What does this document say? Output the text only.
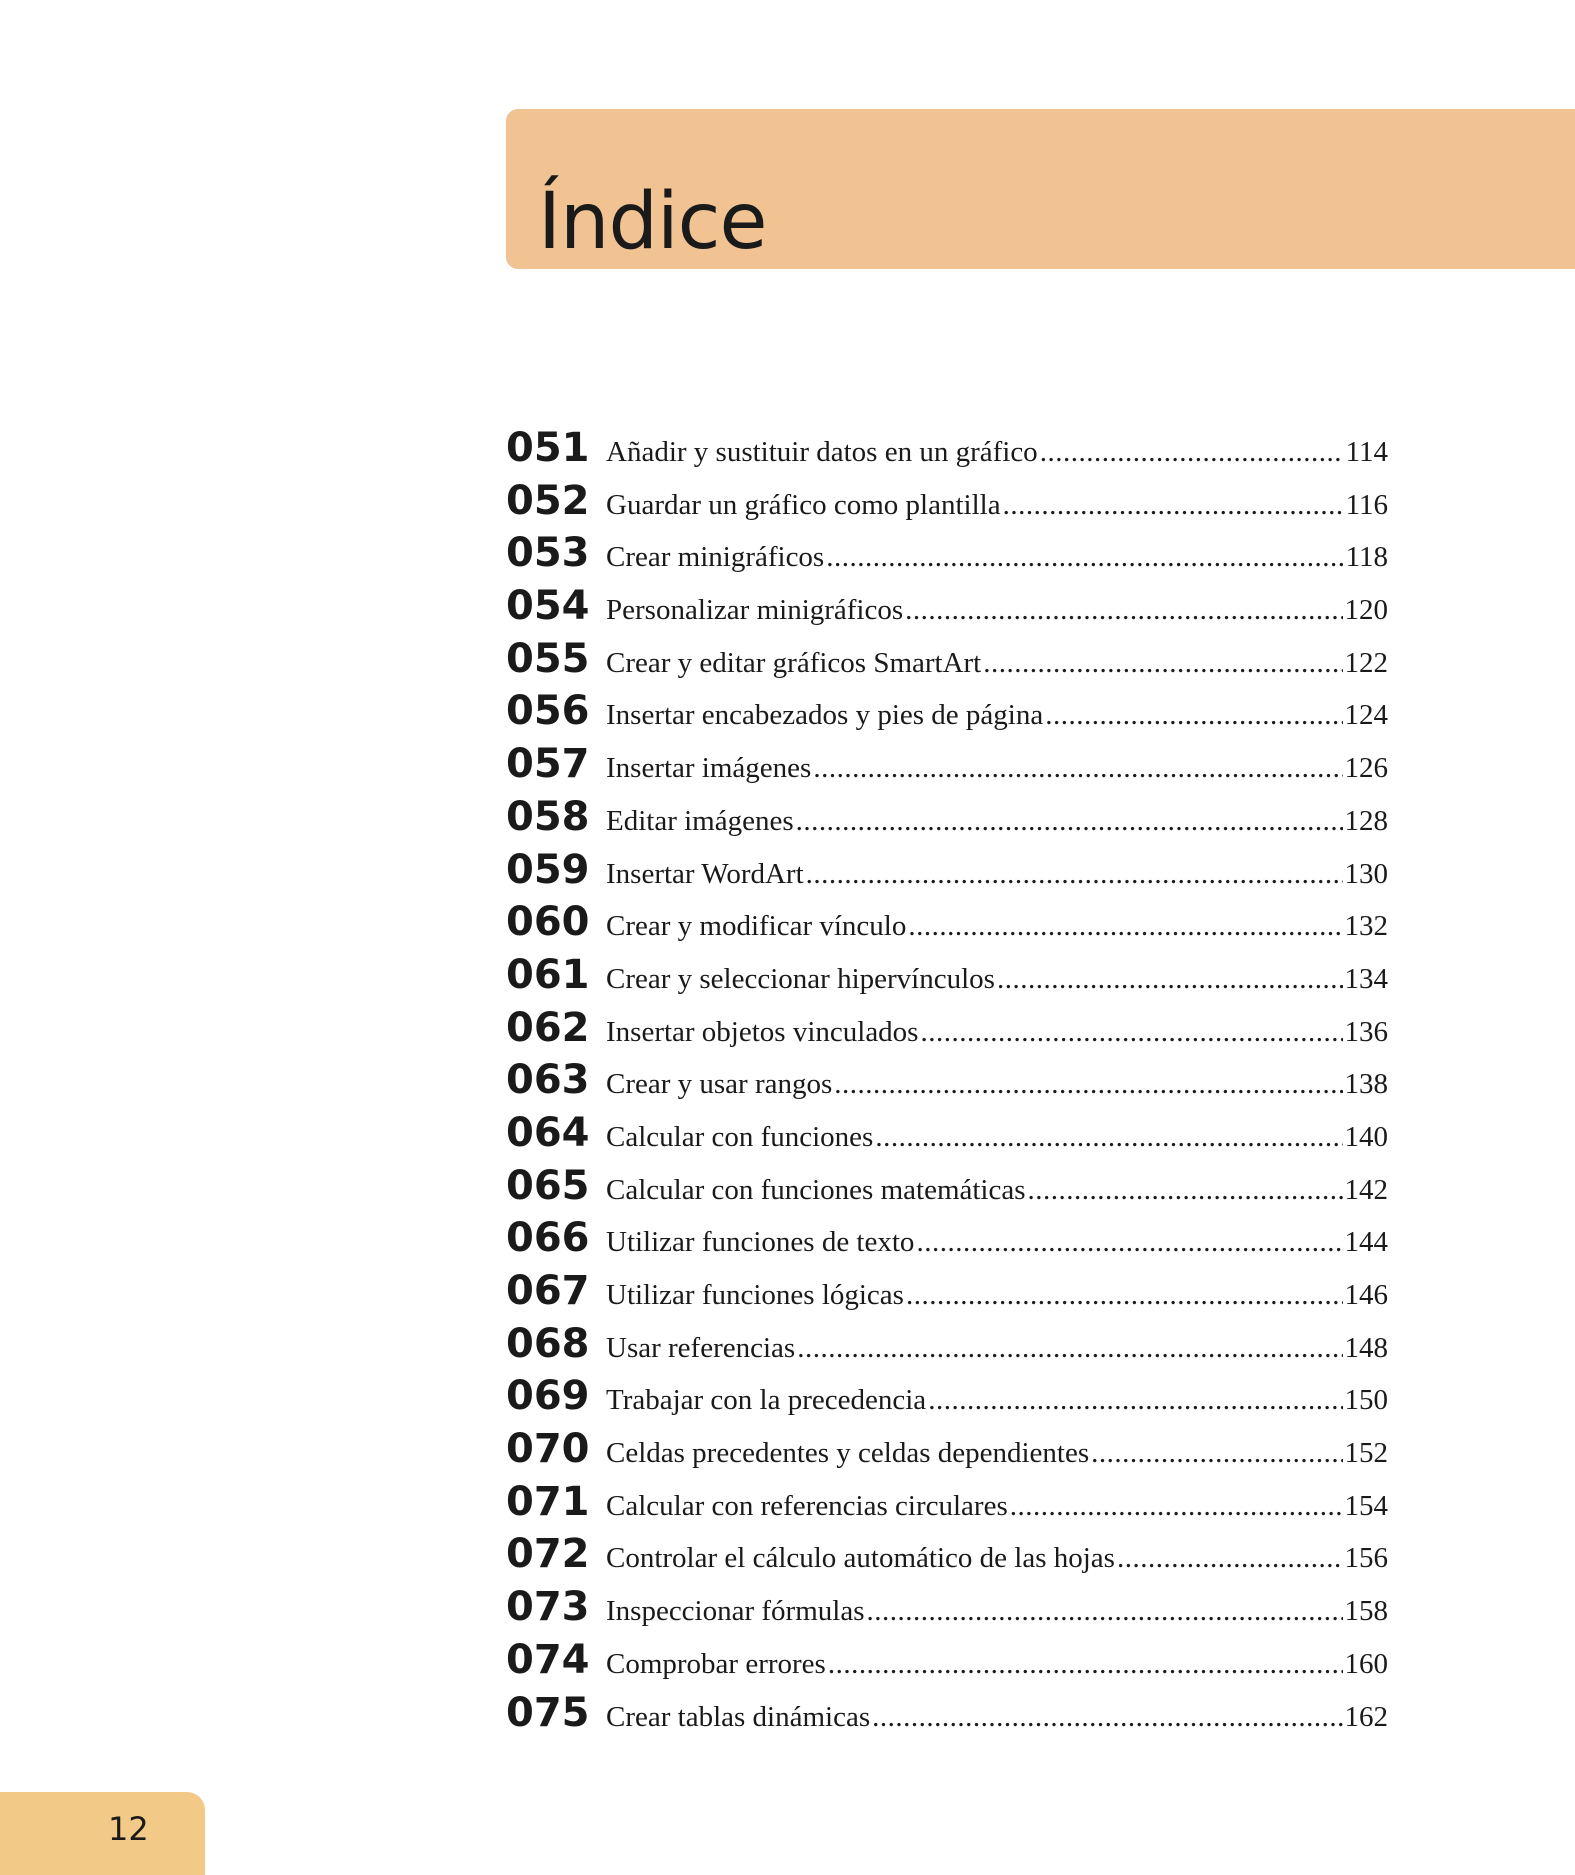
Índice
051 Añadir y sustituir datos en un gráfico .....	114
052 Guardar un gráfico como plantilla .....	116
053 Crear minigráficos .....	118
054 Personalizar minigráficos .....	120
055 Crear y editar gráficos SmartArt .....	122
056 Insertar encabezados y pies de página .....	124
057 Insertar imágenes .....	126
058 Editar imágenes .....	128
059 Insertar WordArt .....	130
060 Crear y modificar vínculo .....	132
061 Crear y seleccionar hipervínculos .....	134
062 Insertar objetos vinculados .....	136
063 Crear y usar rangos .....	138
064 Calcular con funciones .....	140
065 Calcular con funciones matemáticas .....	142
066 Utilizar funciones de texto .....	144
067 Utilizar funciones lógicas .....	146
068 Usar referencias .....	148
069 Trabajar con la precedencia .....	150
070 Celdas precedentes y celdas dependientes .....	152
071 Calcular con referencias circulares .....	154
072 Controlar el cálculo automático de las hojas .....	156
073 Inspeccionar fórmulas .....	158
074 Comprobar errores .....	160
075 Crear tablas dinámicas .....	162
12
